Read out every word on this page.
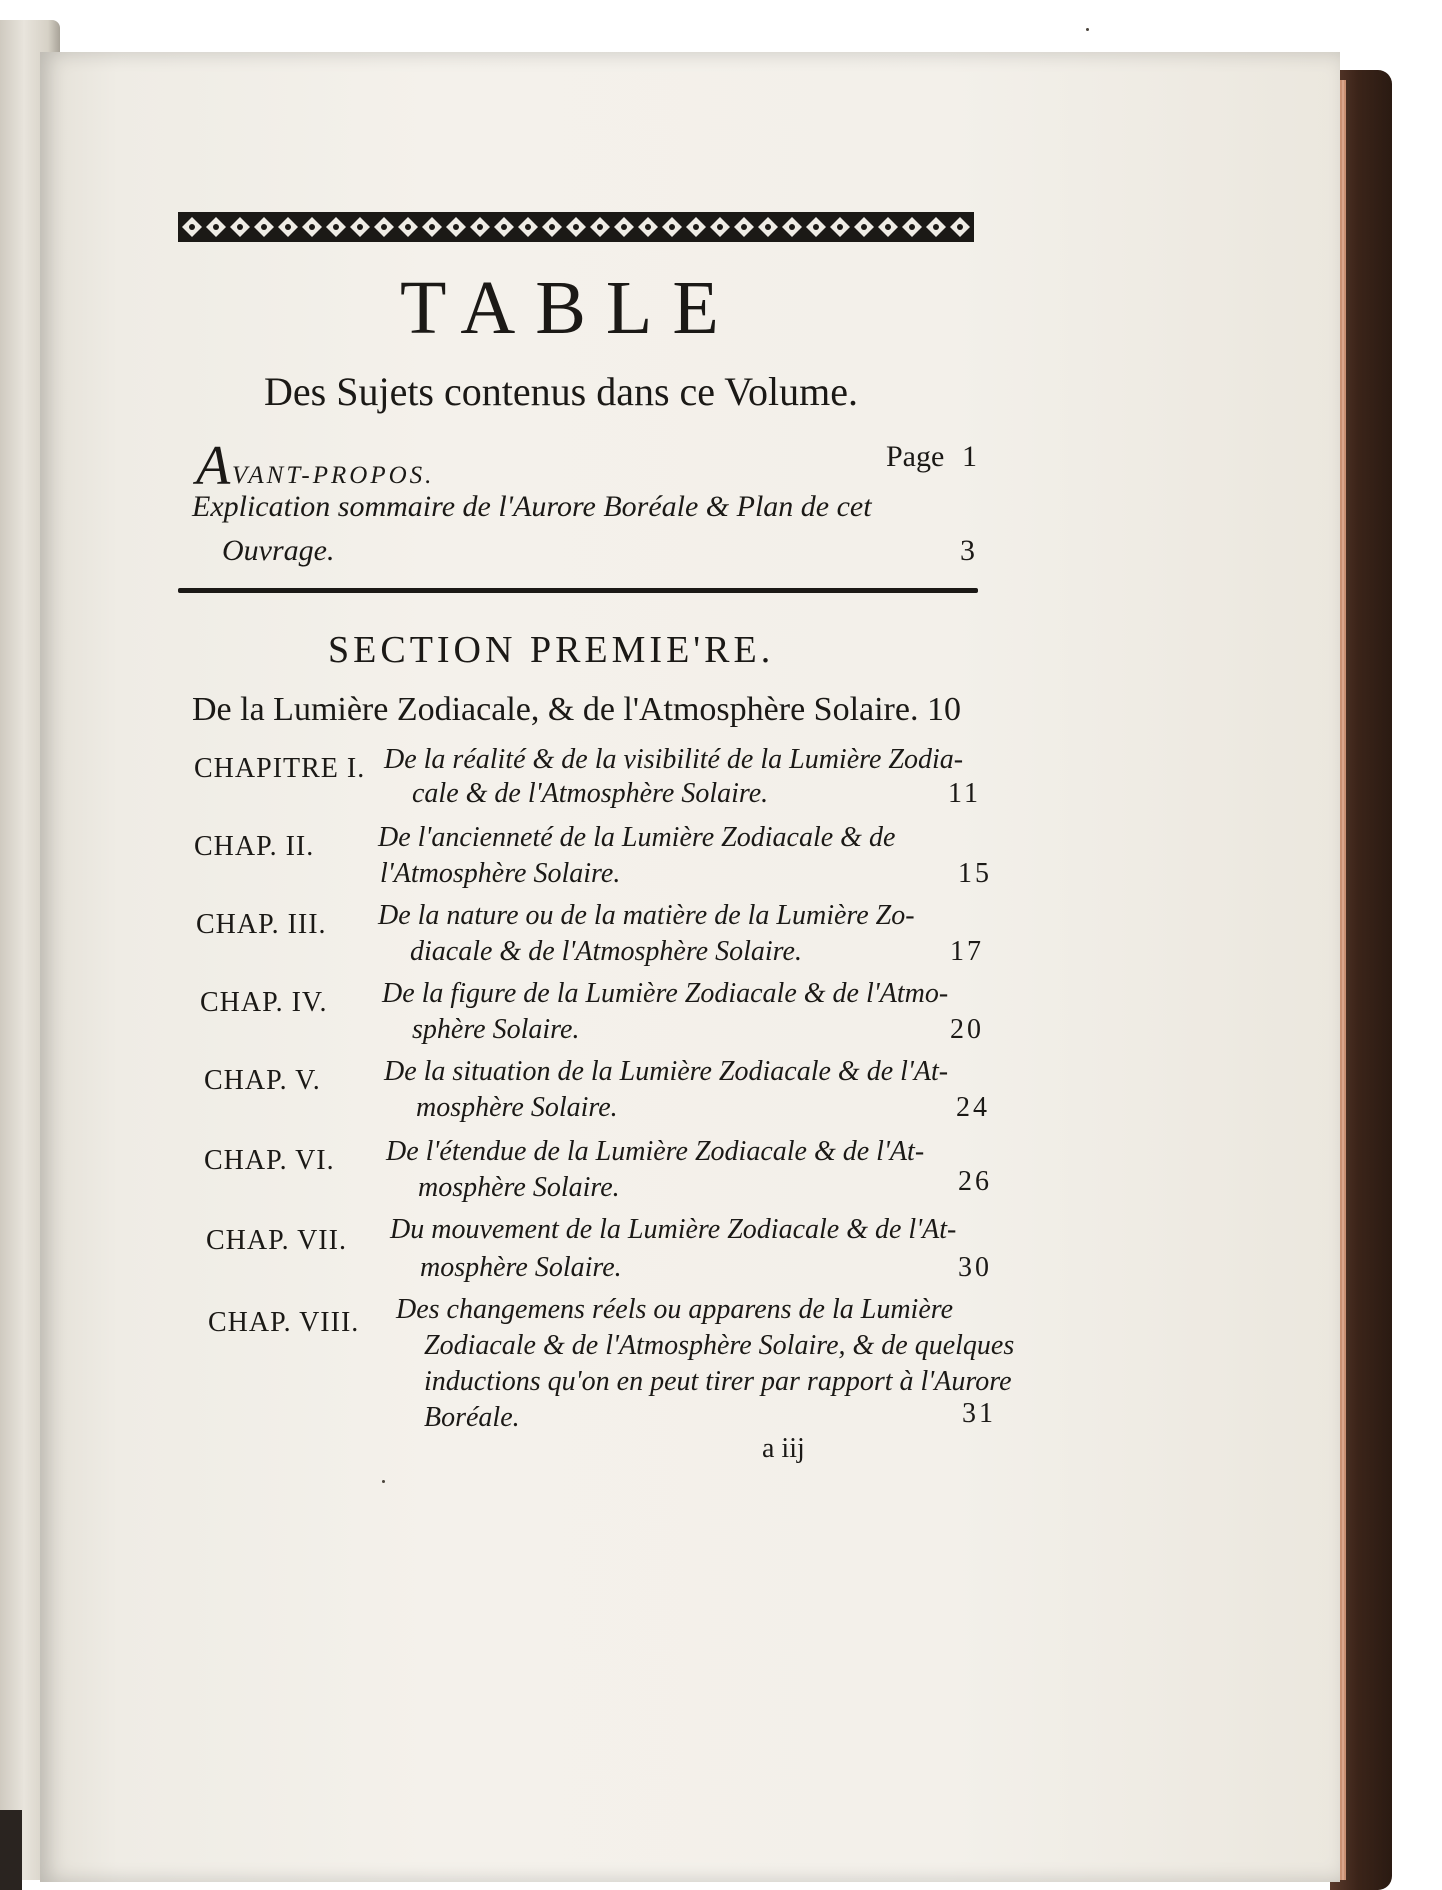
TABLE
Des Sujets contenus dans ce Volume.
A VANT-PROPOS.
Page 1
Explication sommaire de l'Aurore Boréale & Plan de cet
Ouvrage.	3
SECTION PREMIE'RE.
De la Lumière Zodiacale, & de l'Atmosphère Solaire. 10
CHAPITRE I. De la réalité & de la visibilité de la Lumière Zodia-
cale & de l'Atmosphère Solaire.	11
CHAP. II. De l'ancienneté de la Lumière Zodiacale & de
l'Atmosphère Solaire.	15
CHAP. III. De la nature ou de la matière de la Lumière Zo-
diacale & de l'Atmosphère Solaire.	17
CHAP. IV. De la figure de la Lumière Zodiacale & de l'Atmo-
sphère Solaire.	20
CHAP. V. De la situation de la Lumière Zodiacale & de l'At-
mosphère Solaire.	24
CHAP. VI. De l'étendue de la Lumière Zodiacale & de l'At-
mosphère Solaire.	26
CHAP. VII. Du mouvement de la Lumière Zodiacale & de l'At-
mosphère Solaire.	30
CHAP. VIII. Des changemens réels ou apparens de la Lumière
Zodiacale & de l'Atmosphère Solaire, & de quelques
inductions qu'on en peut tirer par rapport à l'Aurore
Boréale.	31
a iij
